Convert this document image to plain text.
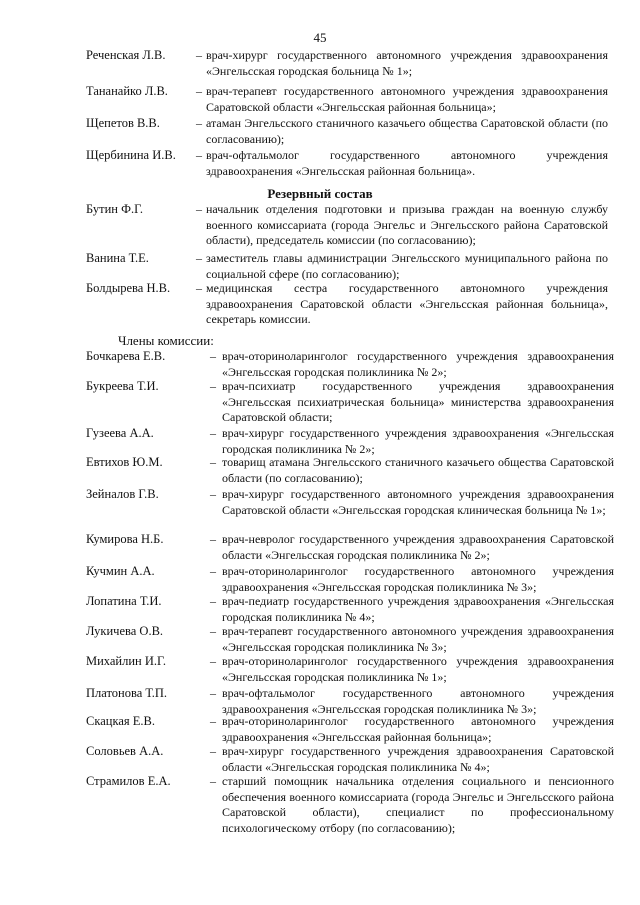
45
Реченская Л.В.	– врач-хирург государственного автономного учреждения здравоохранения «Энгельсская городская больница № 1»;
Тананайко Л.В. – врач-терапевт государственного автономного учреждения здравоохранения Саратовской области «Энгельсская районная больница»;
Щепетов В.В.	– атаман Энгельсского станичного казачьего общества Саратовской области (по согласованию);
Щербинина И.В. – врач-офтальмолог государственного автономного учреждения здравоохранения «Энгельсская районная больница».
Резервный состав
Бутин Ф.Г.	– начальник отделения подготовки и призыва граждан на военную службу военного комиссариата (города Энгельс и Энгельсского района Саратовской области), председатель комиссии (по согласованию);
Ванина Т.Е.	– заместитель главы администрации Энгельсского муниципального района по социальной сфере (по согласованию);
Болдырева Н.В. – медицинская сестра государственного автономного учреждения здравоохранения Саратовской области «Энгельсская районная больница», секретарь комиссии.
Члены комиссии:
Бочкарева Е.В.	– врач-оториноларинголог государственного учреждения здравоохранения «Энгельсская городская поликлиника № 2»;
Букреева Т.И.	– врач-психиатр государственного учреждения здравоохранения «Энгельсская психиатрическая больница» министерства здравоохранения Саратовской области;
Гузеева А.А.	– врач-хирург государственного учреждения здравоохранения «Энгельсская городская поликлиника № 2»;
Евтихов Ю.М.	– товарищ атамана Энгельсского станичного казачьего общества Саратовской области (по согласованию);
Зейналов Г.В.	– врач-хирург государственного автономного учреждения здравоохранения Саратовской области «Энгельсская городская клиническая больница № 1»;
Кумирова Н.Б.	– врач-невролог государственного учреждения здравоохранения Саратовской области «Энгельсская городская поликлиника № 2»;
Кучмин А.А.	– врач-оториноларинголог государственного автономного учреждения здравоохранения «Энгельсская городская поликлиника № 3»;
Лопатина Т.И.	– врач-педиатр государственного учреждения здравоохранения «Энгельсская городская поликлиника № 4»;
Лукичева О.В.	– врач-терапевт государственного автономного учреждения здравоохранения «Энгельсская городская поликлиника № 3»;
Михайлин И.Г.	– врач-оториноларинголог государственного учреждения здравоохранения «Энгельсская городская поликлиника № 1»;
Платонова Т.П.	– врач-офтальмолог государственного автономного учреждения здравоохранения «Энгельсская городская поликлиника № 3»;
Скацкая Е.В.	– врач-оториноларинголог государственного автономного учреждения здравоохранения «Энгельсская районная больница»;
Соловьев А.А.	– врач-хирург государственного учреждения здравоохранения Саратовской области «Энгельсская городская поликлиника № 4»;
Страмилов Е.А.	– старший помощник начальника отделения социального и пенсионного обеспечения военного комиссариата (города Энгельс и Энгельсского района Саратовской области), специалист по профессиональному психологическому отбору (по согласованию);
